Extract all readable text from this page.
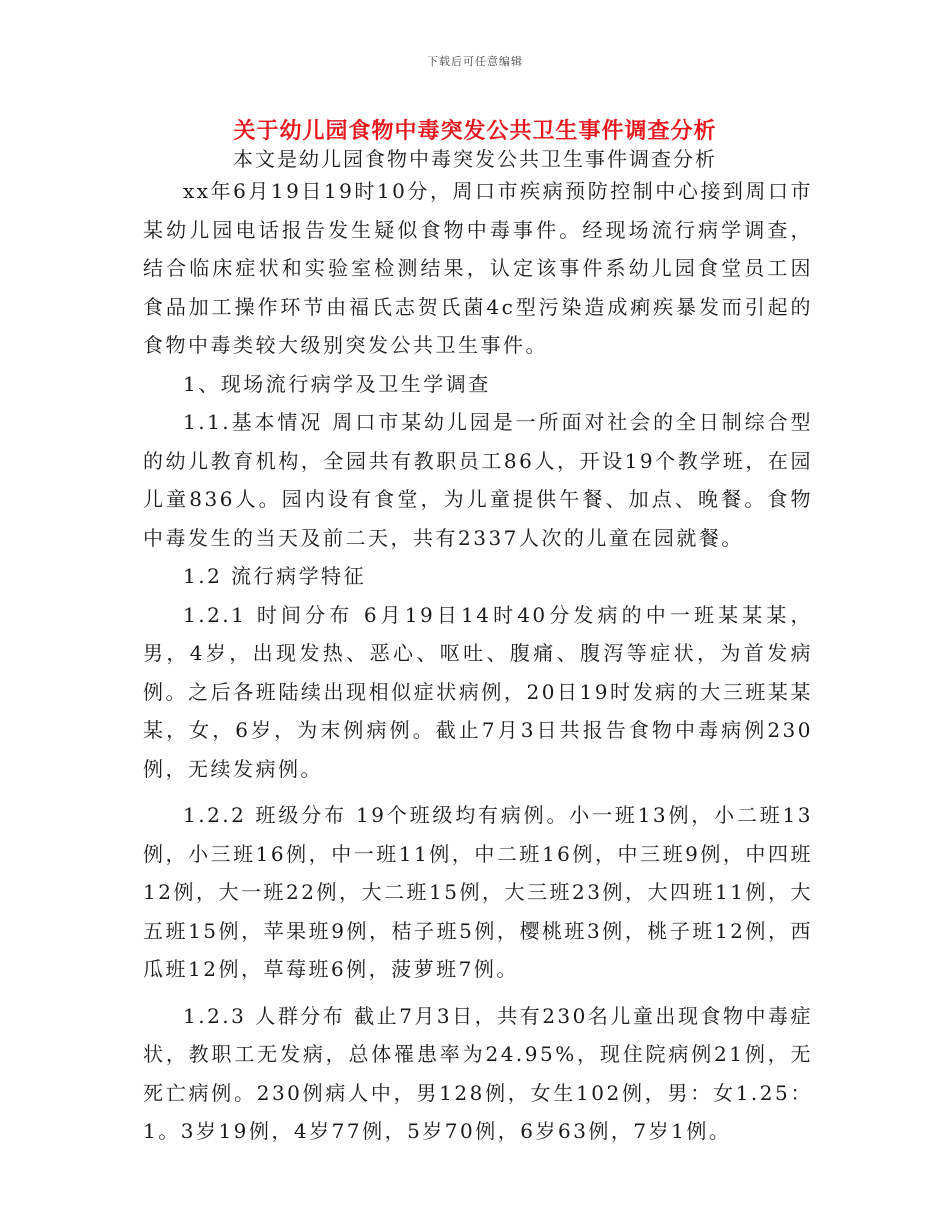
下载后可任意编辑
关于幼儿园食物中毒突发公共卫生事件调查分析
本文是幼儿园食物中毒突发公共卫生事件调查分析

xx年6月19日19时10分，周口市疾病预防控制中心接到周口市某幼儿园电话报告发生疑似食物中毒事件。经现场流行病学调查，结合临床症状和实验室检测结果，认定该事件系幼儿园食堂员工因食品加工操作环节由福氏志贺氏菌4c型污染造成痢疾暴发而引起的食物中毒类较大级别突发公共卫生事件。

1、现场流行病学及卫生学调查

1.1.基本情况 周口市某幼儿园是一所面对社会的全日制综合型的幼儿教育机构，全园共有教职员工86人，开设19个教学班，在园儿童836人。园内设有食堂，为儿童提供午餐、加点、晚餐。食物中毒发生的当天及前二天，共有2337人次的儿童在园就餐。

1.2 流行病学特征

1.2.1 时间分布 6月19日14时40分发病的中一班某某某，男，4岁，出现发热、恶心、呕吐、腹痛、腹泻等症状，为首发病例。之后各班陆续出现相似症状病例，20日19时发病的大三班某某某，女，6岁，为末例病例。截止7月3日共报告食物中毒病例230例，无续发病例。

1.2.2 班级分布 19个班级均有病例。小一班13例，小二班13例，小三班16例，中一班11例，中二班16例，中三班9例，中四班12例，大一班22例，大二班15例，大三班23例，大四班11例，大五班15例，苹果班9例，桔子班5例，樱桃班3例，桃子班12例，西瓜班12例，草莓班6例，菠萝班7例。

1.2.3 人群分布 截止7月3日，共有230名儿童出现食物中毒症状，教职工无发病，总体罹患率为24.95%，现住院病例21例，无死亡病例。230例病人中，男128例，女生102例，男：女1.25：1。3岁19例，4岁77例，5岁70例，6岁63例，7岁1例。
